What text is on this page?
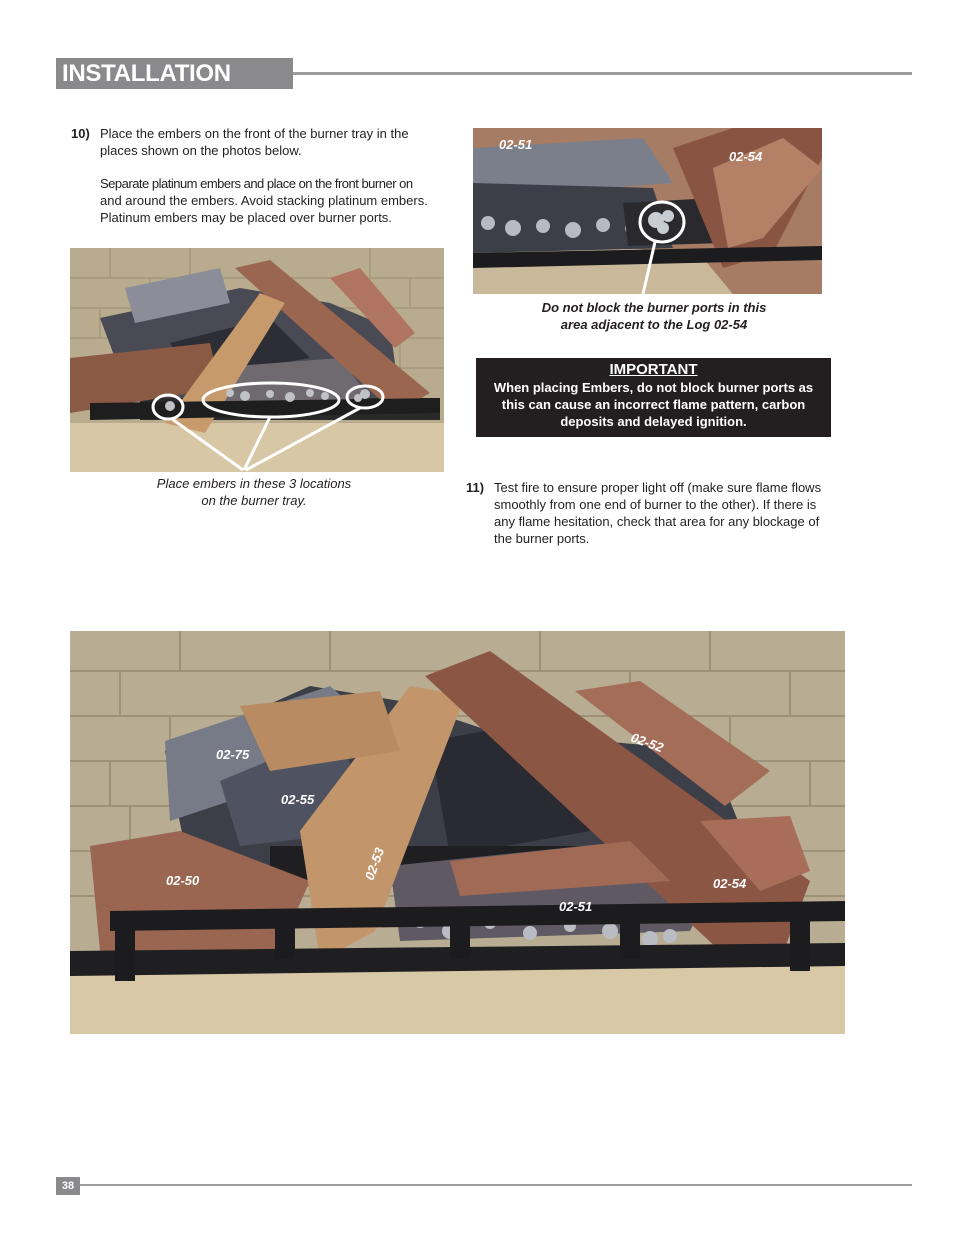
INSTALLATION
10) Place the embers on the front of the burner tray in the
places shown on the photos below.
Separate platinum embers and place on the front burner on
and around the embers. Avoid stacking platinum embers.
Platinum embers may be placed over burner ports.
Place embers in these 3 locations
on the burner tray.
02-51
02-54
Do not block the burner ports in this
area adjacent to the Log 02-54
IMPORTANT
When placing Embers, do not block burner ports as
this can cause an incorrect flame pattern, carbon
deposits and delayed ignition.
11) Test fire to ensure proper light off (make sure flame flows
smoothly from one end of burner to the other). If there is
any flame hesitation, check that area for any blockage of
the burner ports.
02-75
02-55
02-53
02-52
02-50
02-51
02-54
38
